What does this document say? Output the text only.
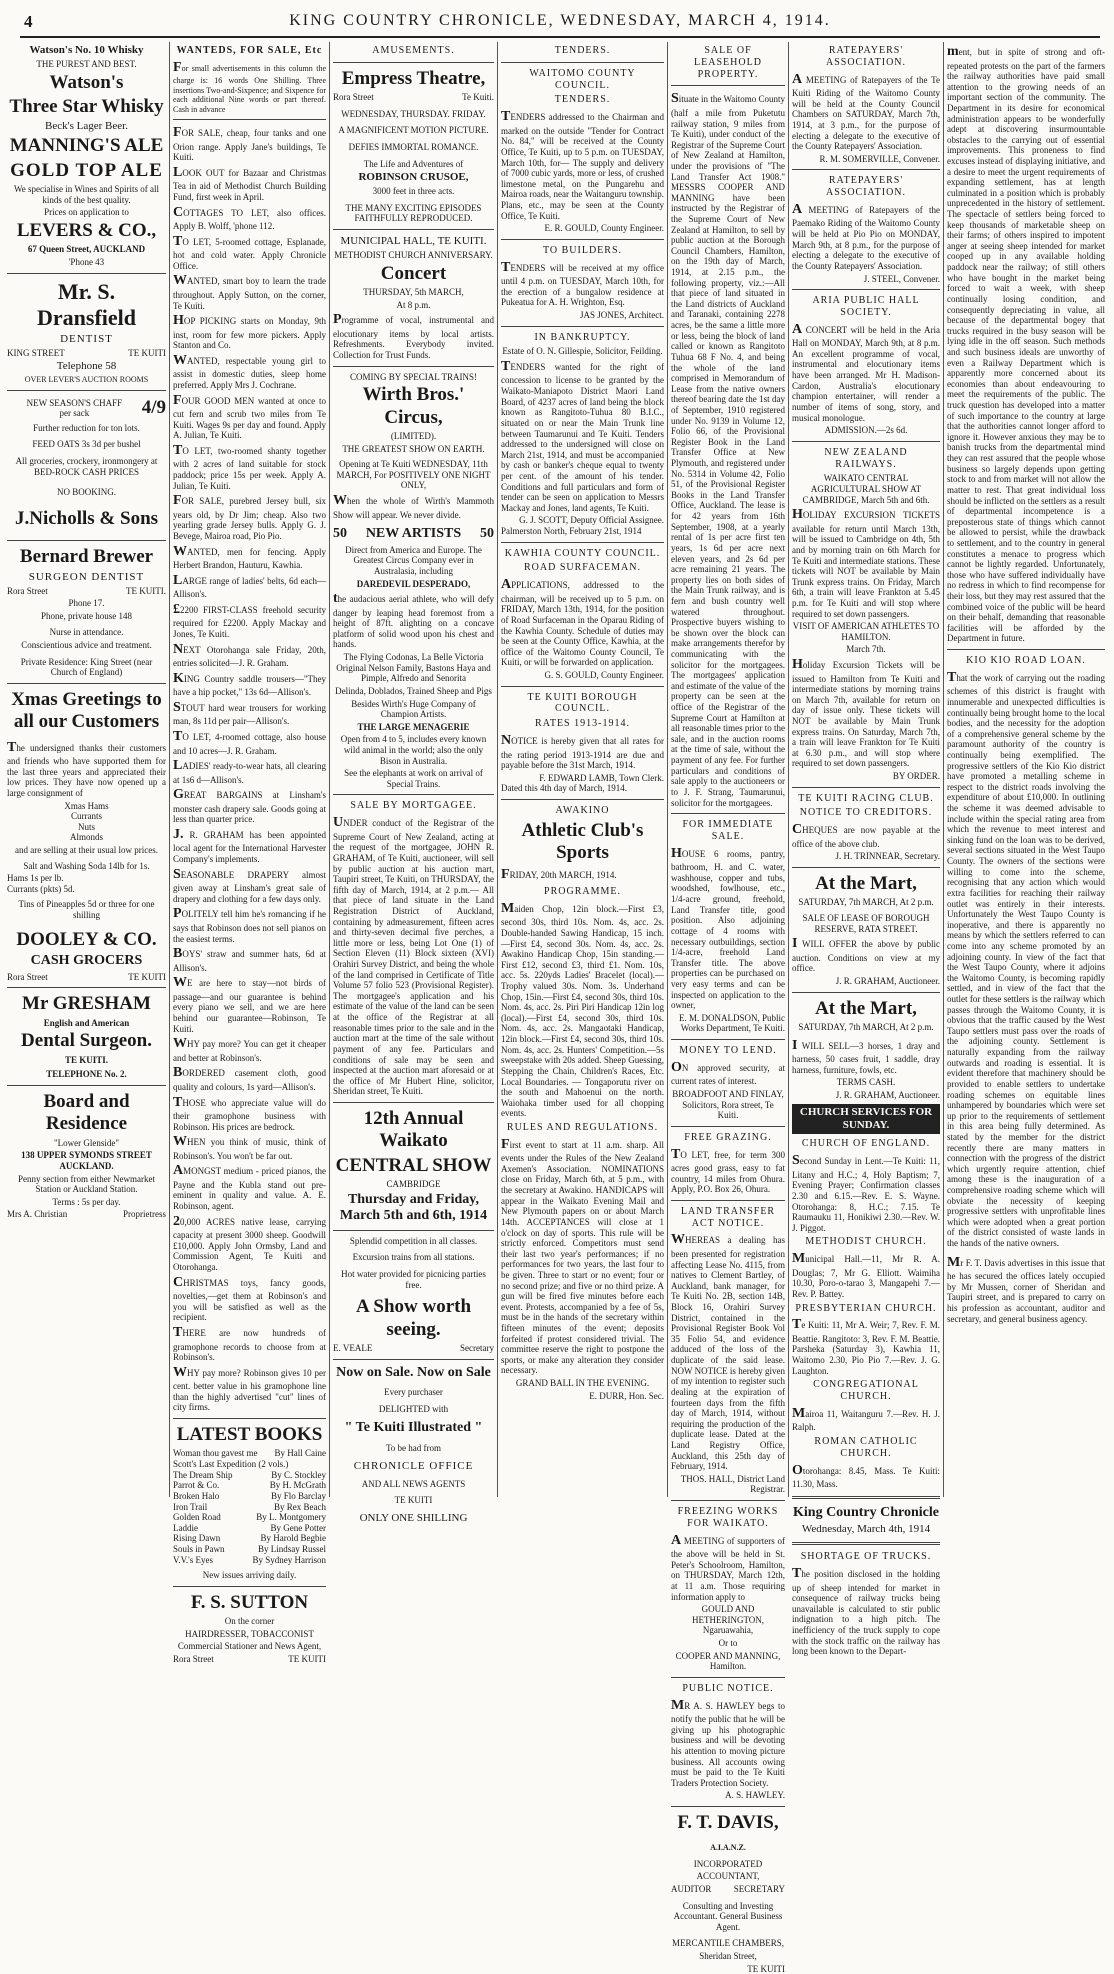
4	KING COUNTRY CHRONICLE, WEDNESDAY, MARCH 4, 1914.
Watson's No. 10 Whisky
THE PUREST AND BEST.
Watson's
Three Star Whisky
Beck's Lager Beer.
MANNING'S ALE
GOLD TOP ALE
We specialise in Wines and Spirits of all kinds of the best quality.
Prices on application to
LEVERS & CO.,
67 Queen Street, AUCKLAND
'Phone 43
Mr. S. Dransfield
DENTIST
KING STREET	TE KUITI
Telephone 58
OVER LEVER'S AUCTION ROOMS
NEW SEASON'S CHAFF
per sack	4/9
Further reduction for ton lots.
FEED OATS 3s 3d per bushel
All groceries, crockery, ironmongery at BED-ROCK CASH PRICES
NO BOOKING.
J.Nicholls & Sons
Bernard Brewer
SURGEON DENTIST
Rora Street	TE KUITI.
Phone 17.
Phone, private house 148
Nurse in attendance.
Conscientious advice and treatment.
Private Residence: King Street (near Church of England)
Xmas Greetings to all our Customers
The undersigned thanks their customers and friends who have supported them for the last three years and appreciated their low prices. They have now opened up a large consignment of
Xmas Hams
Currants
Nuts
Almonds
and are selling at their usual low prices.
Salt and Washing Soda 14lb for 1s.
Hams 1s per lb.
Currants (pkts) 5d.
Tins of Pineapples 5d or three for one shilling
DOOLEY & CO.
CASH GROCERS
Rora Street	TE KUITI
Mr GRESHAM
English and American
Dental Surgeon.
TE KUITI.
TELEPHONE No. 2.
Board and Residence
"Lower Glenside"
138 UPPER SYMONDS STREET AUCKLAND.
Penny section from either Newmarket Station or Auckland Station.
Terms : 5s per day.
Mrs A. Christian	Proprietress
WANTEDS, FOR SALE, Etc
For small advertisements in this column the charge is: 16 words One Shilling. Three insertions Two-and-Sixpence; and Sixpence for each additional Nine words or part thereof. Cash in advance
FOR SALE, cheap, four tanks and one Orion range. Apply Jane's buildings, Te Kuiti.
LOOK OUT for Bazaar and Christmas Tea in aid of Methodist Church Building Fund, first week in April.
COTTAGES TO LET, also offices. Apply B. Wolff, 'phone 112.
TO LET, 5-roomed cottage, Esplanade, hot and cold water. Apply Chronicle Office.
WANTED, smart boy to learn the trade throughout. Apply Sutton, on the corner, Te Kuiti.
HOP PICKING starts on Monday, 9th inst, room for few more pickers. Apply Stanton and Co.
WANTED, respectable young girl to assist in domestic duties, sleep home preferred. Apply Mrs J. Cochrane.
FOUR GOOD MEN wanted at once to cut fern and scrub two miles from Te Kuiti. Wages 9s per day and found. Apply A. Julian, Te Kuiti.
TO LET, two-roomed shanty together with 2 acres of land suitable for stock paddock; price 15s per week. Apply A. Julian, Te Kuiti.
FOR SALE, purebred Jersey bull, six years old, by Dr Jim; cheap. Also two yearling grade Jersey bulls. Apply G. J. Bevege, Mairoa road, Pio Pio.
WANTED, men for fencing. Apply Herbert Brandon, Hauturu, Kawhia.
LARGE range of ladies' belts, 6d each—Allison's.
£2200 FIRST-CLASS freehold security required for £2200. Apply Mackay and Jones, Te Kuiti.
NEXT Otorohanga sale Friday, 20th, entries solicited—J. R. Graham.
KING Country saddle trousers—"They have a hip pocket," 13s 6d—Allison's.
STOUT hard wear trousers for working man, 8s 11d per pair—Allison's.
TO LET, 4-roomed cottage, also house and 10 acres—J. R. Graham.
LADIES' ready-to-wear hats, all clearing at 1s6 d—Allison's.
GREAT BARGAINS at Linsham's monster cash drapery sale. Goods going at less than quarter price.
J. R. GRAHAM has been appointed local agent for the International Harvester Company's implements.
SEASONABLE DRAPERY almost given away at Linsham's great sale of drapery and clothing for a few days only.
POLITELY tell him he's romancing if he says that Robinson does not sell pianos on the easiest terms.
BOYS' straw and summer hats, 6d at Allison's.
WE are here to stay—not birds of passage—and our guarantee is behind every piano we sell, and we are here behind our guarantee—Robinson, Te Kuiti.
WHY pay more? You can get it cheaper and better at Robinson's.
BORDERED casement cloth, good quality and colours, 1s yard—Allison's.
THOSE who appreciate value will do their gramophone business with Robinson. His prices are bedrock.
WHEN you think of music, think of Robinson's. You won't be far out.
AMONGST medium - priced pianos, the Payne and the Kubla stand out pre-eminent in quality and value. A. E. Robinson, agent.
20,000 ACRES native lease, carrying capacity at present 3000 sheep. Goodwill £10,000. Apply John Ormsby, Land and Commission Agent, Te Kuiti and Otorohanga.
CHRISTMAS toys, fancy goods, novelties,—get them at Robinson's and you will be satisfied as well as the recipient.
THERE are now hundreds of gramophone records to choose from at Robinson's.
WHY pay more? Robinson gives 10 per cent. better value in his gramophone line than the highly advertised "cut" lines of city firms.
LATEST BOOKS
Woman thou gavest me By Hall Caine
Scott's Last Expedition (2 vols.)
The Dream Ship	By C. Stockley
Parrot & Co.	By H. McGrath
Broken Halo	By Flo Barclay
Iron Trail	By Rex Beach
Golden Road	By L. Montgomery
Laddie	By Gene Potter
Rising Dawn	By Harold Begbie
Souls in Pawn	By Lindsay Russel
V.V.'s Eyes	By Sydney Harrison
New issues arriving daily.
F. S. SUTTON
On the corner
HAIRDRESSER, TOBACCONIST
Commercial Stationer and News Agent,
Rora Street	TE KUITI
AMUSEMENTS.
Empress Theatre,
Rora Street	Te Kuiti.
WEDNESDAY, THURSDAY. FRIDAY.
A MAGNIFICENT MOTION PICTURE.
DEFIES IMMORTAL ROMANCE.
The Life and Adventures of
ROBINSON CRUSOE,
3000 feet in three acts.
THE MANY EXCITING EPISODES FAITHFULLY REPRODUCED.
MUNICIPAL HALL, TE KUITI.
METHODIST CHURCH ANNIVERSARY.
Concert
THURSDAY, 5th MARCH,
At 8 p.m.
Programme of vocal, instrumental and elocutionary items by local artists. Refreshments. Everybody invited. Collection for Trust Funds.
COMING BY SPECIAL TRAINS!
Wirth Bros.' Circus,
(LIMITED).
THE GREATEST SHOW ON EARTH.
Opening at Te Kuiti WEDNESDAY, 11th MARCH, For POSITIVELY ONE NIGHT ONLY,
When the whole of Wirth's Mammoth Show will appear. We never divide.
50 NEW ARTISTS 50
Direct from America and Europe. The Greatest Circus Company ever in Australasia, including
DAREDEVIL DESPERADO,
the audacious aerial athlete, who will defy danger by leaping head foremost from a height of 87ft. alighting on a concave platform of solid wood upon his chest and hands.
The Flying Codonas, La Belle Victoria Original Nelson Family, Bastons Haya and Pimple, Alfredo and Senorita
Delinda, Doblados, Trained Sheep and Pigs
Besides Wirth's Huge Company of Champion Artists.
THE LARGE MENAGERIE
Open from 4 to 5, includes every known wild animal in the world; also the only Bison in Australia.
See the elephants at work on arrival of Special Trains.
SALE BY MORTGAGEE.
UNDER conduct of the Registrar of the Supreme Court of New Zealand, acting at the request of the mortgagee, JOHN R. GRAHAM, of Te Kuiti, auctioneer, will sell by public auction at his auction mart, Taupiri street, Te Kuiti, on THURSDAY, the fifth day of March, 1914, at 2 p.m.— All that piece of land situate in the Land Registration District of Auckland, containing by admeasurement, fifteen acres and thirty-seven decimal five perches, a little more or less, being Lot One (1) of Section Eleven (11) Block sixteen (XVI) Orahiri Survey District, and being the whole of the land comprised in Certificate of Title Volume 57 folio 523 (Provisional Register). The mortgagee's application and his estimate of the value of the land can be seen at the office of the Registrar at all reasonable times prior to the sale and in the auction mart at the time of the sale without payment of any fee. Particulars and conditions of sale may be seen and inspected at the auction mart aforesaid or at the office of Mr Hubert Hine, solicitor, Sheridan street, Te Kuiti.
12th Annual Waikato
CENTRAL SHOW
CAMBRIDGE
Thursday and Friday, March 5th and 6th, 1914
Splendid competition in all classes.
Excursion trains from all stations.
Hot water provided for picnicing parties free.
A Show worth seeing.
E. VEALE	Secretary
Now on Sale. Now on Sale
Every purchaser
DELIGHTED with
" Te Kuiti Illustrated "
To be had from
CHRONICLE OFFICE
AND ALL NEWS AGENTS
TE KUITI
ONLY ONE SHILLING
TENDERS.
WAITOMO COUNTY COUNCIL.
TENDERS.
TENDERS addressed to the Chairman and marked on the outside "Tender for Contract No. 84," will be received at the County Office, Te Kuiti, up to 5 p.m. on TUESDAY, March 10th, for— The supply and delivery of 7000 cubic yards, more or less, of crushed limestone metal, on the Pungarehu and Mairoa roads, near the Waitanguru township. Plans, etc., may be seen at the County Office, Te Kuiti.
E. R. GOULD, County Engineer.
TO BUILDERS.
TENDERS will be received at my office until 4 p.m. on TUESDAY, March 10th, for the erection of a bungalow residence at Pukeatua for A. H. Wrighton, Esq.
JAS JONES, Architect.
IN BANKRUPTCY.
Estate of O. N. Gillespie, Solicitor, Feilding.
TENDERS wanted for the right of concession to license to be granted by the Waikato-Maniapoto District Maori Land Board, of 4237 acres of land being the block known as Rangitoto-Tuhua 80 B.I.C., situated on or near the Main Trunk line between Taumarunui and Te Kuiti. Tenders addressed to the undersigned will close on March 21st, 1914, and must be accompanied by cash or banker's cheque equal to twenty per cent. of the amount of his tender. Conditions and full particulars and form of tender can be seen on application to Messrs Mackay and Jones, land agents, Te Kuiti.
G. J. SCOTT, Deputy Official Assignee.
Palmerston North, February 21st, 1914
KAWHIA COUNTY COUNCIL.
ROAD SURFACEMAN.
APPLICATIONS, addressed to the chairman, will be received up to 5 p.m. on FRIDAY, March 13th, 1914, for the position of Road Surfaceman in the Oparau Riding of the Kawhia County. Schedule of duties may be seen at the County Office, Kawhia, at the office of the Waitomo County Council, Te Kuiti, or will be forwarded on application.
G. S. GOULD, County Engineer.
TE KUITI BOROUGH COUNCIL.
RATES 1913-1914.
NOTICE is hereby given that all rates for the rating period 1913-1914 are due and payable before the 31st March, 1914.
F. EDWARD LAMB, Town Clerk.
Dated this 4th day of March, 1914.
AWAKINO
Athletic Club's Sports
FRIDAY, 20th MARCH, 1914.
PROGRAMME.
Maiden Chop, 12in block.—First £3, second 30s, third 10s. Nom. 4s, acc. 2s. Double-handed Sawing Handicap, 15 inch.—First £4, second 30s. Nom. 4s, acc. 2s. Awakino Handicap Chop, 15in standing.—First £12, second £3, third £1. Nom. 10s, acc. 5s. 220yds Ladies' Bracelet (local).—Trophy valued 30s. Nom. 3s. Underhand Chop, 15in.—First £4, second 30s, third 10s. Nom. 4s, acc. 2s. Piri Piri Handicap 12in log (local).—First £4, second 30s, third 10s. Nom. 4s, acc. 2s. Mangaotaki Handicap, 12in block.—First £4, second 30s, third 10s. Nom. 4s, acc. 2s. Hunters' Competition.—5s sweepstake with 20s added. Sheep Guessing, Stepping the Chain, Children's Races, Etc. Local Boundaries. — Tongaporutu river on the south and Mahoenui on the north. Waiohaka timber used for all chopping events.
RULES AND REGULATIONS.
First event to start at 11 a.m. sharp. All events under the Rules of the New Zealand Axemen's Association. NOMINATIONS close on Friday, March 6th, at 5 p.m., with the secretary at Awakino. HANDICAPS will appear in the Waikato Evening Mail and New Plymouth papers on or about March 14th. ACCEPTANCES will close at 1 o'clock on day of sports. This rule will be strictly enforced. Competitors must send their last two year's performances; if no performances for two years, the last four to be given. Three to start or no event; four or no second prize; and five or no third prize. A gun will be fired five minutes before each event. Protests, accompanied by a fee of 5s, must be in the hands of the secretary within fifteen minutes of the event; deposits forfeited if protest considered trivial. The committee reserve the right to postpone the sports, or make any alteration they consider necessary.
GRAND BALL IN THE EVENING.
E. DURR, Hon. Sec.
SALE OF LEASEHOLD PROPERTY.
Situate in the Waitomo County (half a mile from Puketutu railway station, 9 miles from Te Kuiti), under conduct of the Registrar of the Supreme Court of New Zealand at Hamilton, under the provisions of "The Land Transfer Act 1908." MESSRS COOPER AND MANNING have been instructed by the Registrar of the Supreme Court of New Zealand at Hamilton, to sell by public auction at the Borough Council Chambers, Hamilton, on the 19th day of March, 1914, at 2.15 p.m., the following property, viz.:—All that piece of land situated in the Land districts of Auckland and Taranaki, containing 2278 acres, be the same a little more or less, being the block of land called or known as Rangitoto Tuhua 68 F No. 4, and being the whole of the land comprised in Memorandum of Lease from the native owners thereof bearing date the 1st day of September, 1910 registered under No. 9139 in Volume 12, Folio 66, of the Provisional Register Book in the Land Transfer Office at New Plymouth, and registered under No. 5314 in Volume 42, Folio 51, of the Provisional Register Books in the Land Transfer Office, Auckland. The lease is for 42 years from 16th September, 1908, at a yearly rental of 1s per acre first ten years, 1s 6d per acre next eleven years, and 2s 6d per acre remaining 21 years. The property lies on both sides of the Main Trunk railway, and is fern and bush country well watered throughout. Prospective buyers wishing to be shown over the block can make arrangements therefor by communicating with the solicitor for the mortgagees. The mortgagees' application and estimate of the value of the property can be seen at the office of the Registrar of the Supreme Court at Hamilton at all reasonable times prior to the sale, and in the auction rooms at the time of sale, without the payment of any fee. For further particulars and conditions of sale apply to the auctioneers or to J. F. Strang, Taumarunui, solicitor for the mortgagees.
FOR IMMEDIATE SALE.
HOUSE 6 rooms, pantry, bathroom, H. and C. water, washhouse, copper and tubs, woodshed, fowlhouse, etc., 1/4-acre ground, freehold, Land Transfer title, good position. Also adjoining cottage of 4 rooms with necessary outbuildings, section 1/4-acre, freehold Land Transfer title. The above properties can be purchased on very easy terms and can be inspected on application to the owner,
E. M. DONALDSON, Public Works Department, Te Kuiti.
MONEY TO LEND.
ON approved security, at current rates of interest.
BROADFOOT AND FINLAY, Solicitors, Rora street, Te Kuiti.
FREE GRAZING.
TO LET, free, for term 300 acres good grass, easy to fat country, 14 miles from Ohura. Apply, P.O. Box 26, Ohura.
LAND TRANSFER ACT NOTICE.
WHEREAS a dealing has been presented for registration affecting Lease No. 4115, from natives to Clement Bartley, of Auckland, bank manager, for Te Kuiti No. 2B, section 14B, Block 16, Orahiri Survey District, contained in the Provisional Register Book Vol 35 Folio 54, and evidence adduced of the loss of the duplicate of the said lease. NOW NOTICE is hereby given of my intention to register such dealing at the expiration of fourteen days from the fifth day of March, 1914, without requiring the production of the duplicate lease. Dated at the Land Registry Office, Auckland, this 25th day of February, 1914.
THOS. HALL, District Land Registrar.
FREEZING WORKS FOR WAIKATO.
A MEETING of supporters of the above will be held in St. Peter's Schoolroom, Hamilton, on THURSDAY, March 12th, at 11 a.m. Those requiring information apply to
GOULD AND HETHERINGTON, Ngaruawahia,
Or to
COOPER AND MANNING, Hamilton.
PUBLIC NOTICE.
MR A. S. HAWLEY begs to notify the public that he will be giving up his photographic business and will be devoting his attention to moving picture business. All accounts owing must be paid to the Te Kuiti Traders Protection Society.
A. S. HAWLEY.
F. T. DAVIS, A.I.A.N.Z.
INCORPORATED
ACCOUNTANT,
AUDITOR SECRETARY
Consulting and Investing Accountant. General Business Agent.
MERCANTILE CHAMBERS,
Sheridan Street,
TE KUITI
RATEPAYERS' ASSOCIATION.
A MEETING of Ratepayers of the Te Kuiti Riding of the Waitomo County will be held at the County Council Chambers on SATURDAY, March 7th, 1914, at 3 p.m., for the purpose of electing a delegate to the executive of the County Ratepayers' Association.
R. M. SOMERVILLE, Convener.
RATEPAYERS' ASSOCIATION.
A MEETING of Ratepayers of the Paemako Riding of the Waitomo County will be held at Pio Pio on MONDAY, March 9th, at 8 p.m., for the purpose of electing a delegate to the executive of the County Ratepayers' Association.
J. STEEL, Convener.
ARIA PUBLIC HALL SOCIETY.
A CONCERT will be held in the Aria Hall on MONDAY, March 9th, at 8 p.m. An excellent programme of vocal, instrumental and elocutionary items have been arranged. Mr H. Madison-Cardon, Australia's elocutionary champion entertainer, will render a number of items of song, story, and musical monologue.
ADMISSION.—2s 6d.
NEW ZEALAND RAILWAYS.
WAIKATO CENTRAL AGRICULTURAL SHOW AT CAMBRIDGE, March 5th and 6th.
HOLIDAY EXCURSION TICKETS available for return until March 13th, will be issued to Cambridge on 4th, 5th and by morning train on 6th March for Te Kuiti and intermediate stations. These tickets will NOT be available by Main Trunk express trains. On Friday, March 6th, a train will leave Frankton at 5.45 p.m. for Te Kuiti and will stop where required to set down passengers.
VISIT OF AMERICAN ATHLETES TO HAMILTON.
March 7th.
Holiday Excursion Tickets will be issued to Hamilton from Te Kuiti and intermediate stations by morning trains on March 7th, available for return on day of issue only. These tickets will NOT be available by Main Trunk express trains. On Saturday, March 7th, a train will leave Frankton for Te Kuiti at 6.30 p.m., and will stop where required to set down passengers.
BY ORDER.
TE KUITI RACING CLUB.
NOTICE TO CREDITORS.
CHEQUES are now payable at the office of the above club.
J. H. TRINNEAR, Secretary.
At the Mart,
SATURDAY, 7th MARCH, At 2 p.m.
SALE OF LEASE OF BOROUGH RESERVE, RATA STREET.
I WILL OFFER the above by public auction. Conditions on view at my office.
J. R. GRAHAM, Auctioneer.
At the Mart,
SATURDAY, 7th MARCH, At 2 p.m.
I WILL SELL—3 horses, 1 dray and harness, 50 cases fruit, 1 saddle, dray harness, furniture, fowls, etc.
TERMS CASH.
J. R. GRAHAM, Auctioneer.
CHURCH SERVICES FOR SUNDAY.
CHURCH OF ENGLAND.
Second Sunday in Lent.—Te Kuiti: 11, Litany and H.C.; 4, Holy Baptism; 7, Evening Prayer; Confirmation classes 2.30 and 6.15.—Rev. E. S. Wayne. Otorohanga: 8, H.C.; 7.15. Te Raumauku 11, Honikiwi 2.30.—Rev. W. J. Piggot.
METHODIST CHURCH.
Municipal Hall.—11, Mr R. A. Douglas; 7, Mr G. Elliott. Waimiha 10.30, Poro-o-tarao 3, Mangapehi 7.—Rev. P. Battey.
PRESBYTERIAN CHURCH.
Te Kuiti: 11, Mr A. Weir; 7, Rev. F. M. Beattie. Rangitoto: 3, Rev. F. M. Beattie. Parsheka (Saturday 3), Kawhia 11, Waitomo 2.30, Pio Pio 7.—Rev. J. G. Laughton.
CONGREGATIONAL CHURCH.
Mairoa 11, Waitanguru 7.—Rev. H. J. Ralph.
ROMAN CATHOLIC CHURCH.
Otorohanga: 8.45, Mass. Te Kuiti: 11.30, Mass.
King Country Chronicle
Wednesday, March 4th, 1914
SHORTAGE OF TRUCKS.
The position disclosed in the holding up of sheep intended for market in consequence of railway trucks being unavailable is calculated to stir public indignation to a high pitch. The inefficiency of the truck supply to cope with the stock traffic on the railway has long been known to the Depart-
ment, but in spite of strong and oft-repeated protests on the part of the farmers the railway authorities have paid small attention to the growing needs of an important section of the community. The Department in its desire for economical administration appears to be wonderfully adept at discovering insurmountable obstacles to the carrying out of essential improvements. This proneness to find excuses instead of displaying initiative, and a desire to meet the urgent requirements of expanding settlement, has at length culminated in a position which is probably unprecedented in the history of settlement. The spectacle of settlers being forced to keep thousands of marketable sheep on their farms; of others inspired to impotent anger at seeing sheep intended for market cooped up in any available holding paddock near the railway; of still others who have bought in the market being forced to wait a week, with sheep continually losing condition, and consequently depreciating in value, all because of the departmental bogey that trucks required in the busy season will be lying idle in the off season. Such methods and such business ideals are unworthy of even a Railway Department which is apparently more concerned about its economies than about endeavouring to meet the requirements of the public. The truck question has developed into a matter of such importance to the country at large that the authorities cannot longer afford to ignore it. However anxious they may be to banish trucks from the departmental mind they can rest assured that the people whose business so largely depends upon getting stock to and from market will not allow the matter to rest. That great individual loss should be inflicted on the settlers as a result of departmental incompetence is a preposterous state of things which cannot be allowed to persist, while the drawback to settlement, and to the country in general constitutes a menace to progress which cannot be lightly regarded. Unfortunately, those who have suffered individually have no redress in which to find recompense for their loss, but they may rest assured that the combined voice of the public will be heard on their behalf, demanding that reasonable facilities will be afforded by the Department in future.
KIO KIO ROAD LOAN.
That the work of carrying out the roading schemes of this district is fraught with innumerable and unexpected difficulties is continually being brought home to the local bodies, and the necessity for the adoption of a comprehensive general scheme by the paramount authority of the country is continually being exemplified. The progressive settlers of the Kio Kio district have promoted a metalling scheme in respect to the district roads involving the expenditure of about £10,000. In outlining the scheme it was deemed advisable to include within the special rating area from which the revenue to meet interest and sinking fund on the loan was to be derived, several sections situated in the West Taupo County. The owners of the sections were willing to come into the scheme, recognising that any action which would extra facilities for reaching their railway outlet was entirely in their interests. Unfortunately the West Taupo County is inoperative, and there is apparently no means by which the settlers referred to can come into any scheme promoted by an adjoining county. In view of the fact that the West Taupo County, where it adjoins the Waitomo County, is becoming rapidly settled, and in view of the fact that the outlet for these settlers is the railway which passes through the Waitomo County, it is obvious that the traffic caused by the West Taupo settlers must pass over the roads of the adjoining county. Settlement is naturally expanding from the railway outwards and roading is essential. It is evident therefore that machinery should be provided to enable settlers to undertake roading schemes on equitable lines unhampered by boundaries which were set up prior to the requirements of settlement in this area being fully determined. As stated by the member for the district recently there are many matters in connection with the progress of the district which urgently require attention, chief among these is the inauguration of a comprehensive roading scheme which will obviate the necessity of keeping progressive settlers with unprofitable lines which were adopted when a great portion of the district consisted of waste lands in the hands of the native owners.
Mr F. T. Davis advertises in this issue that he has secured the offices lately occupied by Mr Mussen, corner of Sheridan and Taupiri street, and is prepared to carry on his profession as accountant, auditor and secretary, and general business agency.
